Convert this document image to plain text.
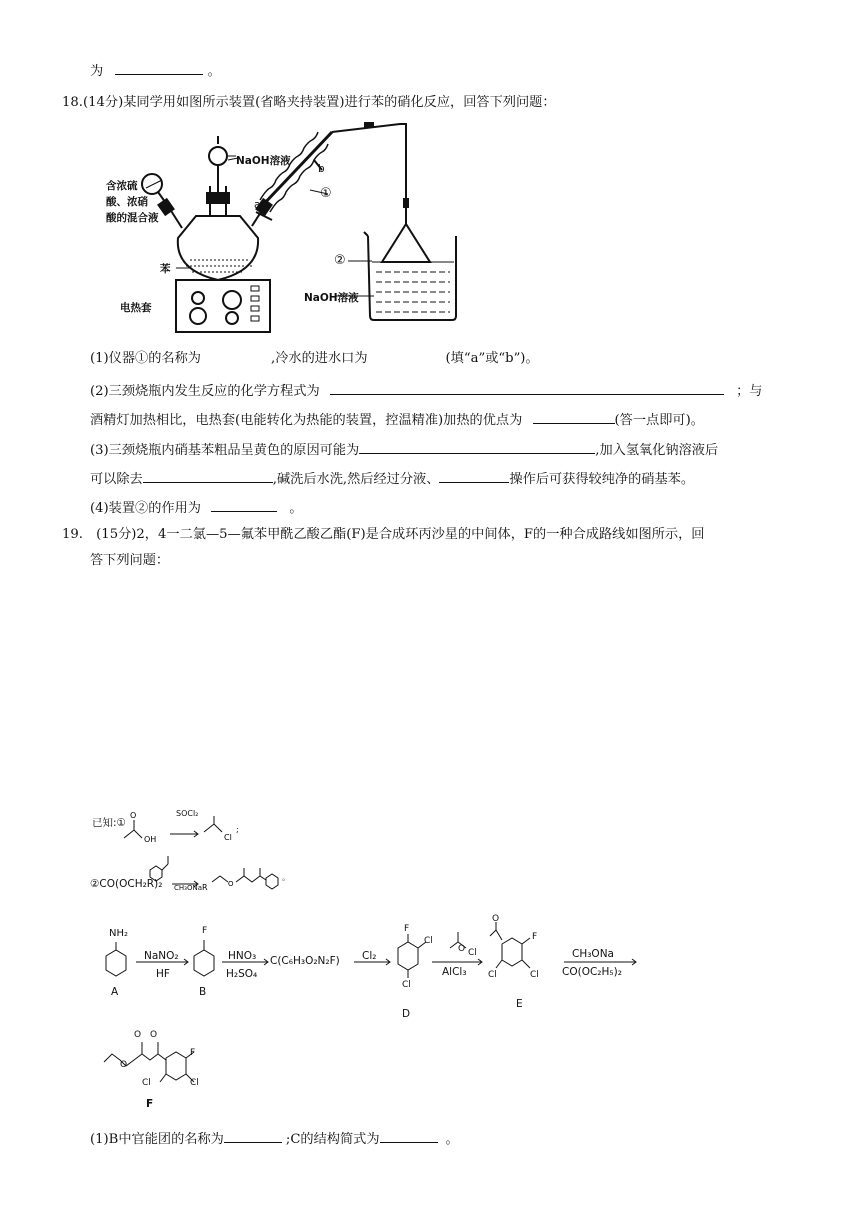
为	。
18.(14分)某同学用如图所示装置(省略夹持装置)进行苯的硝化反应，回答下列问题：
NaOH溶液
含浓硫
酸、浓硝
酸的混合液
苯
电热套
a
b
①
②
NaOH溶液
(1)仪器①的名称为	,冷水的进水口为	(填“a”或“b”)。
(2)三颈烧瓶内发生反应的化学方程式为	；与
酒精灯加热相比，电热套(电能转化为热能的装置，控温精准)加热的优点为	(答一点即可)。
(3)三颈烧瓶内硝基苯粗品呈黄色的原因可能为	,加入氢氧化钠溶液后
可以除去	,碱洗后水洗,然后经过分液、	操作后可获得较纯净的硝基苯。
(4)装置②的作用为	。
19.　(15分)2，4一二氯—5—氟苯甲酰乙酸乙酯(F)是合成环丙沙星的中间体，F的一种合成路线如图所示，回
答下列问题：
已知:①
SOCl₂
②CO(OCH₂R)₂ CH₃ONa
O
OH	Cl
;
R	O
。
NH₂
A
NaNO₂
HF
F
B
HNO₃
H₂SO₄
C(C₆H₃O₂N₂F) Cl₂
F
Cl
Cl
D
O Cl
AlCl₃
O
F
Cl	Cl
E
CH₃ONa
CO(OC₂H₅)₂
O O
O
F
Cl	Cl
F
(1)B中官能团的名称为	;C的结构简式为	。
